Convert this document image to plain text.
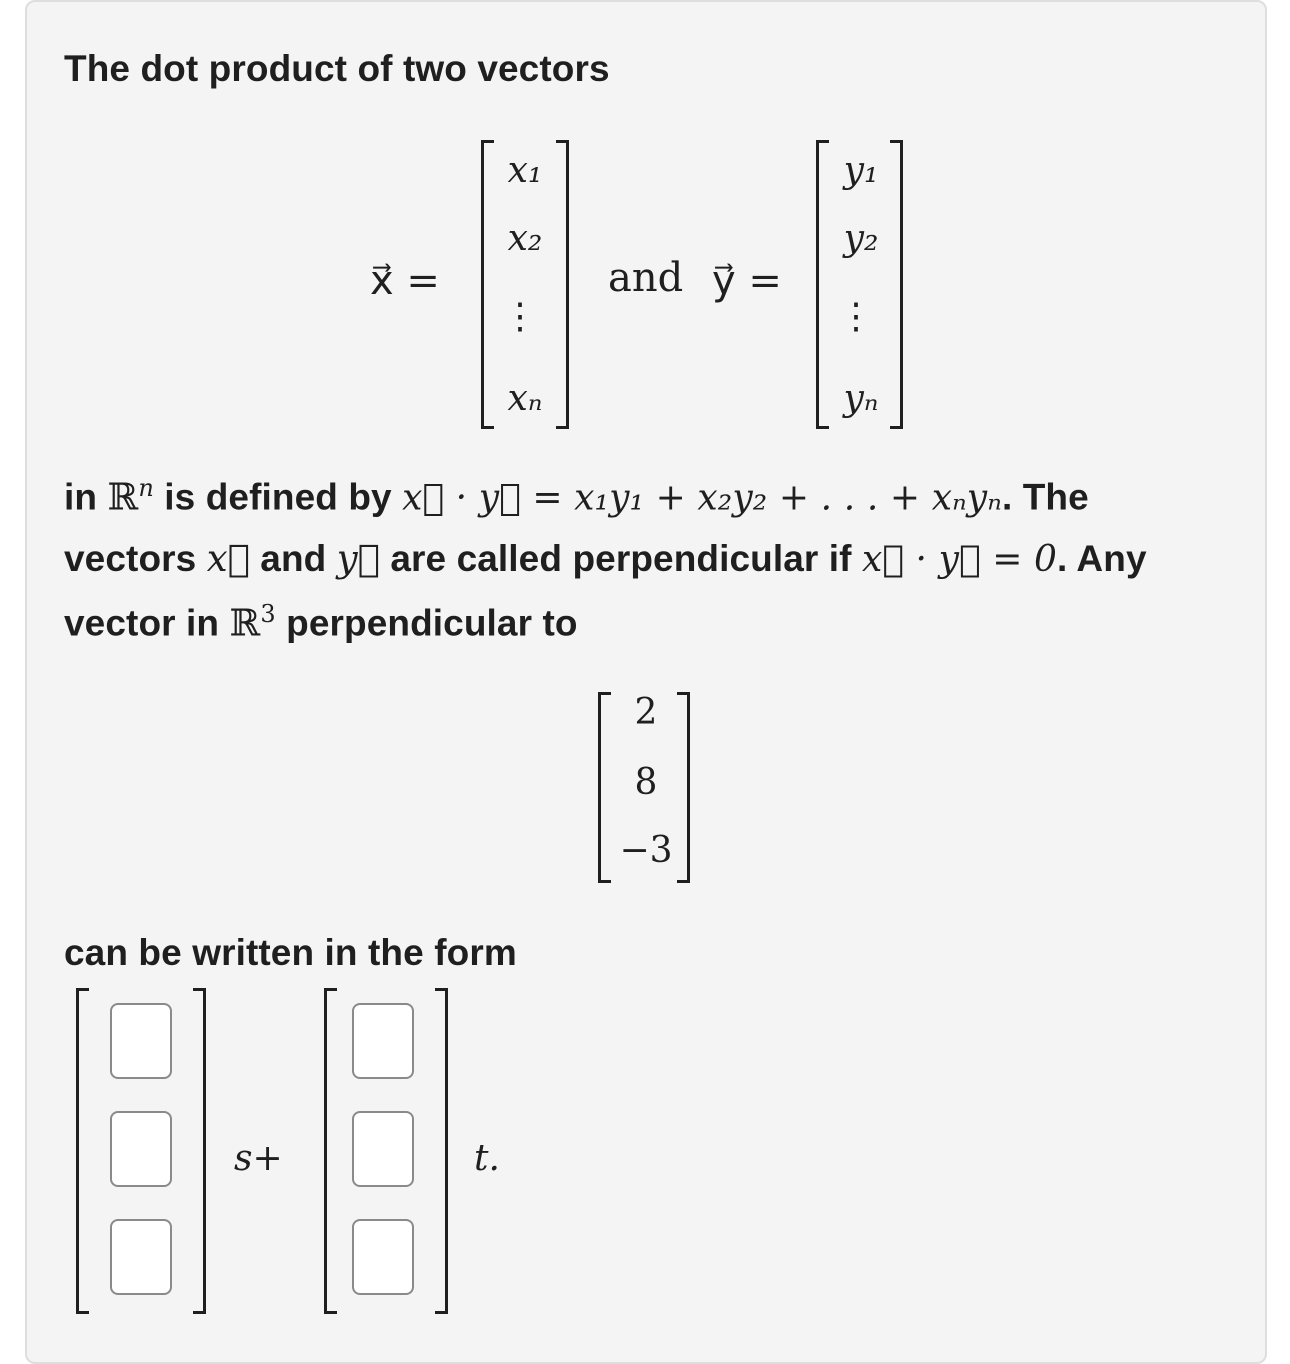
The dot product of two vectors
x⃗ =
x₁
x₂
⋮
xₙ
and y⃗ =
y₁
y₂
⋮
yₙ
in ℝ$^n$ is defined by x⃗ · y⃗ = x₁y₁ + x₂y₂ + . . . + xₙyₙ. The
vectors x⃗ and y⃗ are called perpendicular if x⃗ · y⃗ = 0. Any
vector in ℝ$^3$ perpendicular to
2
8
−3
can be written in the form
s+	t.
